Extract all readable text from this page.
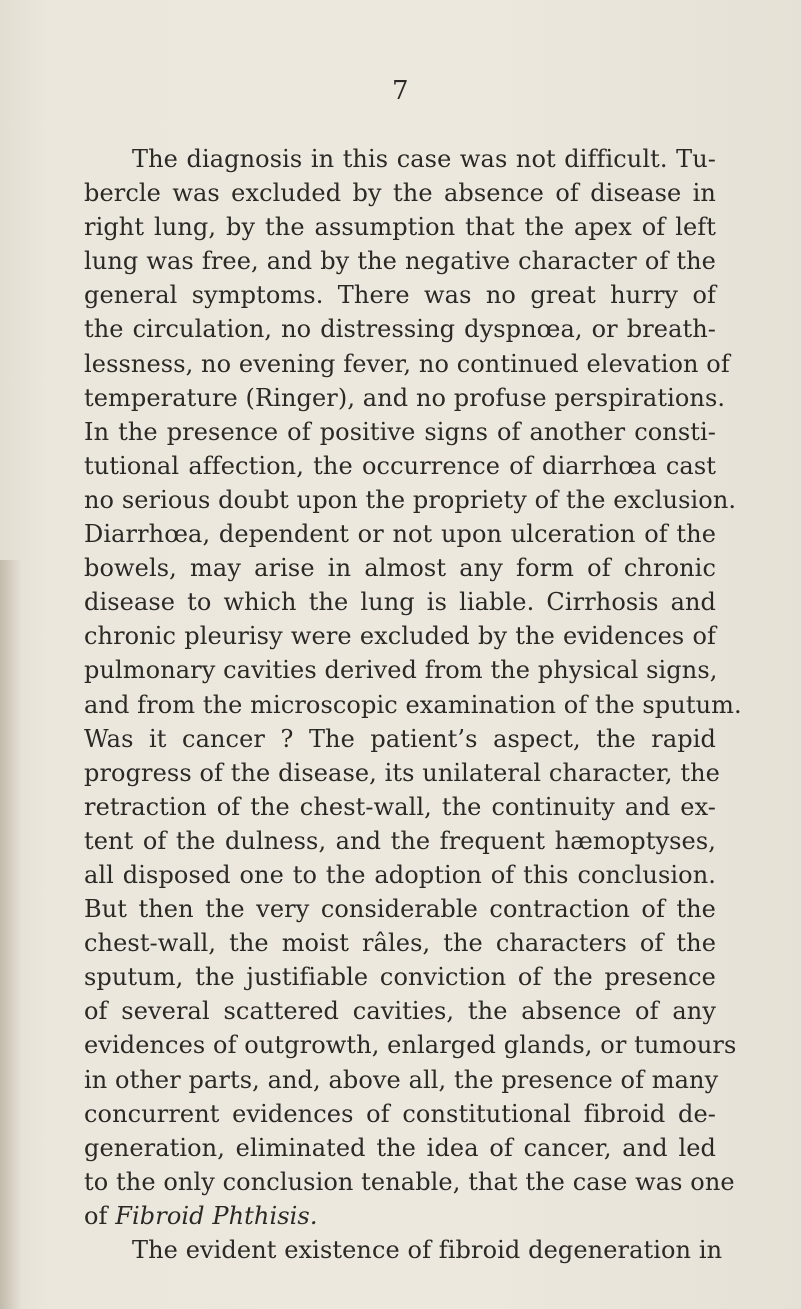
7
The diagnosis in this case was not difficult. Tu-
bercle was excluded by the absence of disease in
right lung, by the assumption that the apex of left
lung was free, and by the negative character of the
general symptoms. There was no great hurry of
the circulation, no distressing dyspnœa, or breath-
lessness, no evening fever, no continued elevation of
temperature (Ringer), and no profuse perspirations.
In the presence of positive signs of another consti-
tutional affection, the occurrence of diarrhœa cast
no serious doubt upon the propriety of the exclusion.
Diarrhœa, dependent or not upon ulceration of the
bowels, may arise in almost any form of chronic
disease to which the lung is liable. Cirrhosis and
chronic pleurisy were excluded by the evidences of
pulmonary cavities derived from the physical signs,
and from the microscopic examination of the sputum.
Was it cancer ? The patient’s aspect, the rapid
progress of the disease, its unilateral character, the
retraction of the chest-wall, the continuity and ex-
tent of the dulness, and the frequent hæmoptyses,
all disposed one to the adoption of this conclusion.
But then the very considerable contraction of the
chest-wall, the moist râles, the characters of the
sputum, the justifiable conviction of the presence
of several scattered cavities, the absence of any
evidences of outgrowth, enlarged glands, or tumours
in other parts, and, above all, the presence of many
concurrent evidences of constitutional fibroid de-
generation, eliminated the idea of cancer, and led
to the only conclusion tenable, that the case was one
of Fibroid Phthisis.
The evident existence of fibroid degeneration in
